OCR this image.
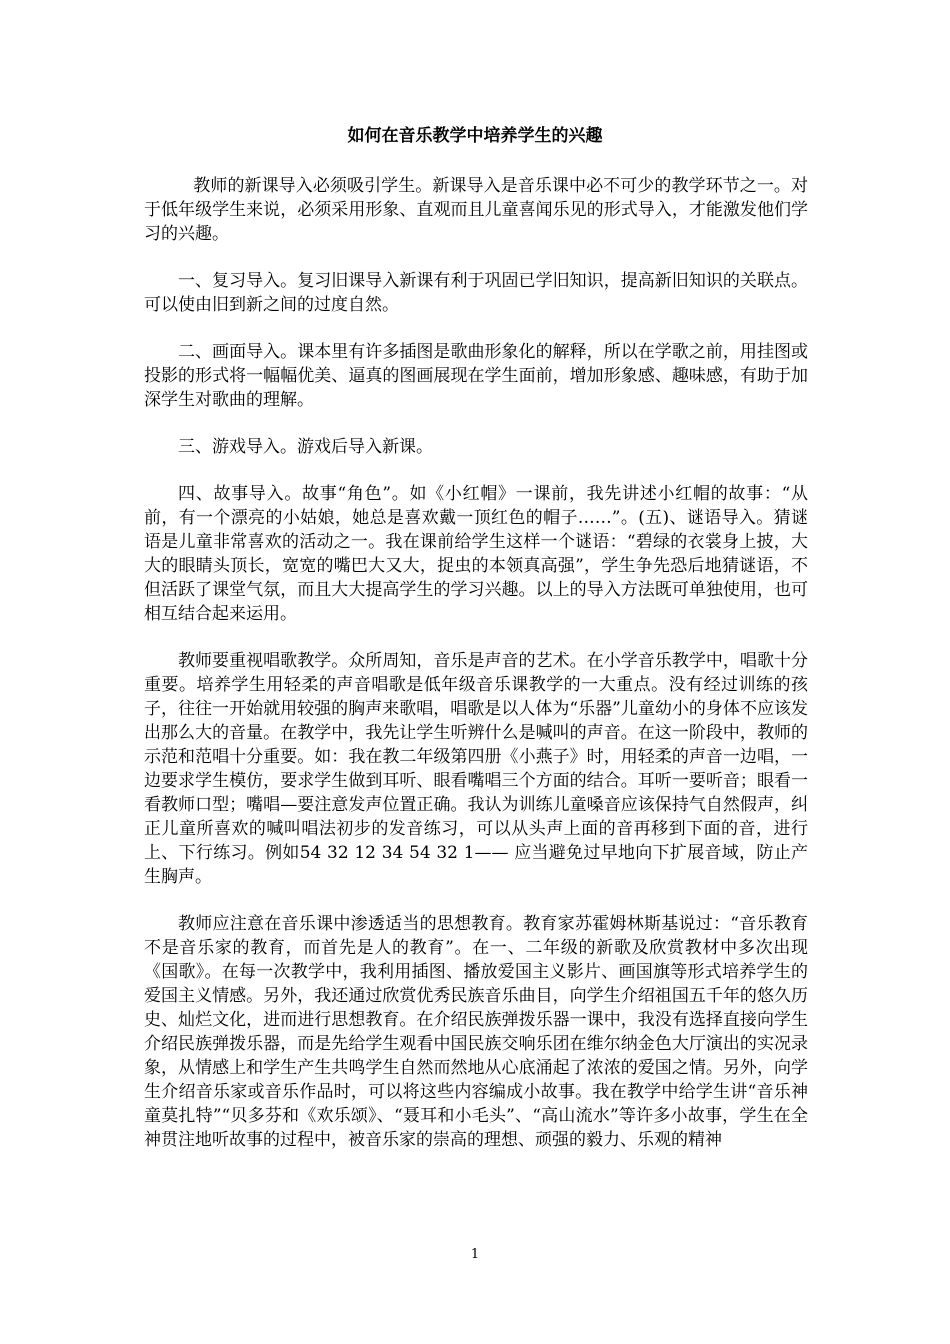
如何在音乐教学中培养学生的兴趣

教师的新课导入必须吸引学生。新课导入是音乐课中必不可少的教学环节之一。对于低年级学生来说，必须采用形象、直观而且儿童喜闻乐见的形式导入，才能激发他们学习的兴趣。

一、复习导入。复习旧课导入新课有利于巩固已学旧知识，提高新旧知识的关联点。可以使由旧到新之间的过度自然。

二、画面导入。课本里有许多插图是歌曲形象化的解释，所以在学歌之前，用挂图或投影的形式将一幅幅优美、逼真的图画展现在学生面前，增加形象感、趣味感，有助于加深学生对歌曲的理解。

三、游戏导入。游戏后导入新课。

四、故事导入。故事“角色”。如《小红帽》一课前，我先讲述小红帽的故事：“从前，有一个漂亮的小姑娘，她总是喜欢戴一顶红色的帽子……”。(五)、谜语导入。猜谜语是儿童非常喜欢的活动之一。我在课前给学生这样一个谜语：“碧绿的衣裳身上披，大大的眼睛头顶长，宽宽的嘴巴大又大，捉虫的本领真高强”，学生争先恐后地猜谜语，不但活跃了课堂气氛，而且大大提高学生的学习兴趣。以上的导入方法既可单独使用，也可相互结合起来运用。

教师要重视唱歌教学。众所周知，音乐是声音的艺术。在小学音乐教学中，唱歌十分重要。培养学生用轻柔的声音唱歌是低年级音乐课教学的一大重点。没有经过训练的孩子，往往一开始就用较强的胸声来歌唱，唱歌是以人体为“乐器”儿童幼小的身体不应该发出那么大的音量。在教学中，我先让学生听辨什么是喊叫的声音。在这一阶段中，教师的示范和范唱十分重要。如：我在教二年级第四册《小燕子》时，用轻柔的声音一边唱，一边要求学生模仿，要求学生做到耳听、眼看嘴唱三个方面的结合。耳听一要听音；眼看一看教师口型；嘴唱—要注意发声位置正确。我认为训练儿童嗓音应该保持气自然假声，纠正儿童所喜欢的喊叫唱法初步的发音练习，可以从头声上面的音再移到下面的音，进行上、下行练习。例如54 32 12 34 54 32 1—— 应当避免过早地向下扩展音域，防止产生胸声。

教师应注意在音乐课中渗透适当的思想教育。教育家苏霍姆林斯基说过：“音乐教育不是音乐家的教育，而首先是人的教育”。在一、二年级的新歌及欣赏教材中多次出现《国歌》。在每一次教学中，我利用插图、播放爱国主义影片、画国旗等形式培养学生的爱国主义情感。另外，我还通过欣赏优秀民族音乐曲目，向学生介绍祖国五千年的悠久历史、灿烂文化，进而进行思想教育。在介绍民族弹拨乐器一课中，我没有选择直接向学生介绍民族弹拨乐器，而是先给学生观看中国民族交响乐团在维尔纳金色大厅演出的实况录象，从情感上和学生产生共鸣学生自然而然地从心底涌起了浓浓的爱国之情。另外，向学生介绍音乐家或音乐作品时，可以将这些内容编成小故事。我在教学中给学生讲“音乐神童莫扎特”“贝多芬和《欢乐颂》、“聂耳和小毛头”、“高山流水”等许多小故事，学生在全神贯注地听故事的过程中，被音乐家的崇高的理想、顽强的毅力、乐观的精神

1
